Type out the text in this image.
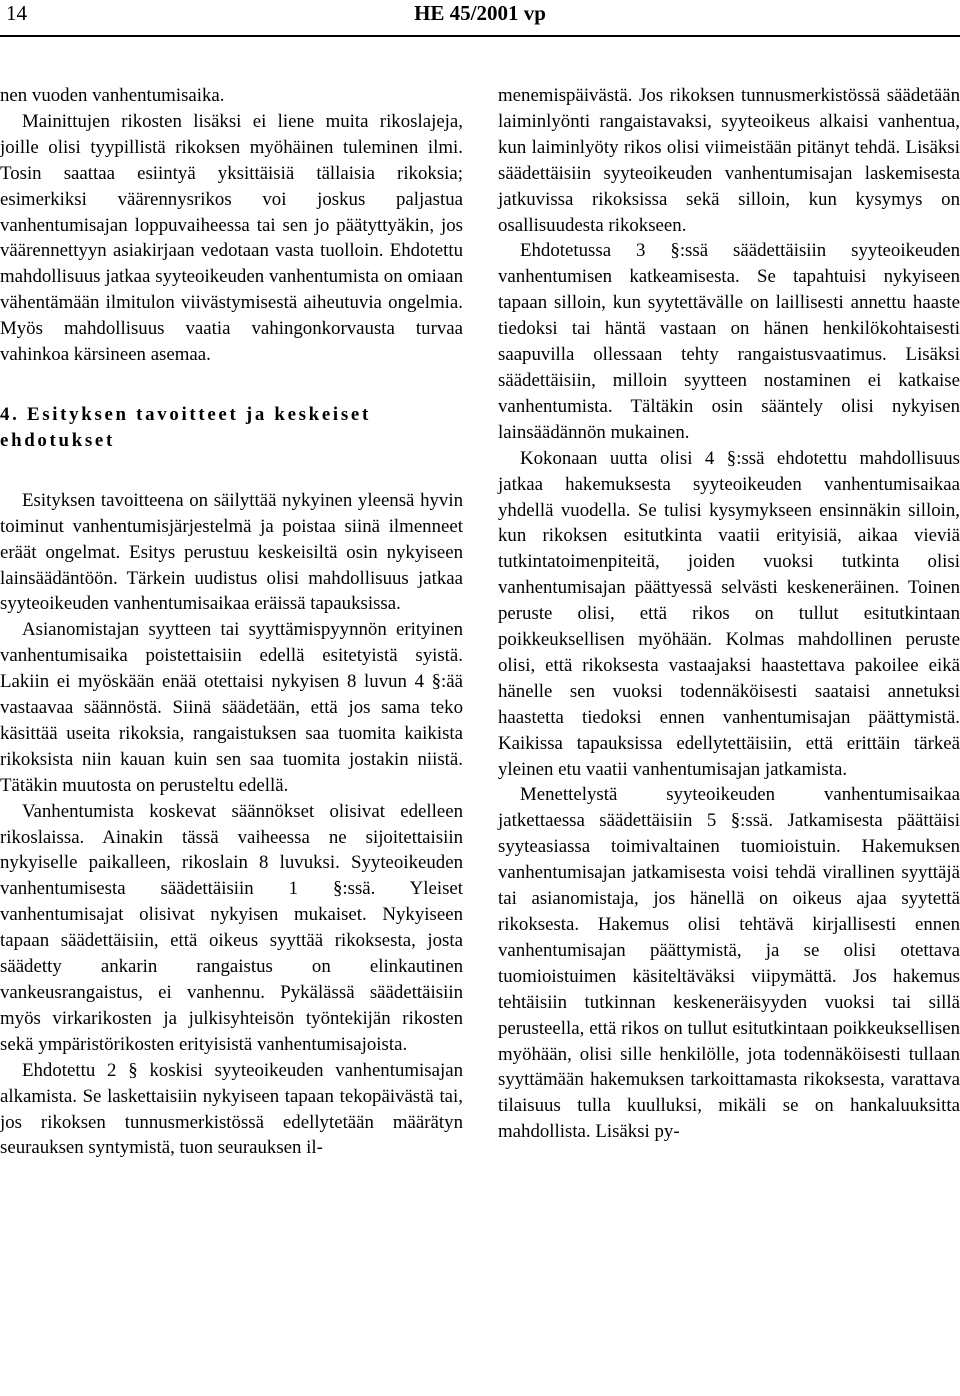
14	HE 45/2001 vp

nen vuoden vanhentumisaika.

Mainittujen rikosten lisäksi ei liene muita rikoslajeja, joille olisi tyypillistä rikoksen myöhäinen tuleminen ilmi. Tosin saattaa esiintyä yksittäisiä tällaisia rikoksia; esimerkiksi väärennysrikos voi joskus paljastua vanhentumisajan loppuvaiheessa tai sen jo päätyttyäkin, jos väärennettyyn asiakirjaan vedotaan vasta tuolloin. Ehdotettu mahdollisuus jatkaa syyteoikeuden vanhentumista on omiaan vähentämään ilmitulon viivästymisestä aiheutuvia ongelmia. Myös mahdollisuus vaatia vahingonkorvausta turvaa vahinkoa kärsineen asemaa.

4. Esityksen tavoitteet ja keskeiset ehdotukset

Esityksen tavoitteena on säilyttää nykyinen yleensä hyvin toiminut vanhentumisjärjestelmä ja poistaa siinä ilmenneet eräät ongelmat. Esitys perustuu keskeisiltä osin nykyiseen lainsäädäntöön. Tärkein uudistus olisi mahdollisuus jatkaa syyteoikeuden vanhentumisaikaa eräissä tapauksissa.

Asianomistajan syytteen tai syyttämispyynnön erityinen vanhentumisaika poistettaisiin edellä esitetyistä syistä. Lakiin ei myöskään enää otettaisi nykyisen 8 luvun 4 §:ää vastaavaa säännöstä. Siinä säädetään, että jos sama teko käsittää useita rikoksia, rangaistuksen saa tuomita kaikista rikoksista niin kauan kuin sen saa tuomita jostakin niistä. Tätäkin muutosta on perusteltu edellä.

Vanhentumista koskevat säännökset olisivat edelleen rikoslaissa. Ainakin tässä vaiheessa ne sijoitettaisiin nykyiselle paikalleen, rikoslain 8 luvuksi. Syyteoikeuden vanhentumisesta säädettäisiin 1 §:ssä. Yleiset vanhentumisajat olisivat nykyisen mukaiset. Nykyiseen tapaan säädettäisiin, että oikeus syyttää rikoksesta, josta säädetty ankarin rangaistus on elinkautinen vankeusrangaistus, ei vanhennu. Pykälässä säädettäisiin myös virkarikosten ja julkisyhteisön työntekijän rikosten sekä ympäristörikosten erityisistä vanhentumisajoista.

Ehdotettu 2 § koskisi syyteoikeuden vanhentumisajan alkamista. Se laskettaisiin nykyiseen tapaan tekopäivästä tai, jos rikoksen tunnusmerkistössä edellytetään määrätyn seurauksen syntymistä, tuon seurauksen il-

menemispäivästä. Jos rikoksen tunnusmerkistössä säädetään laiminlyönti rangaistavaksi, syyteoikeus alkaisi vanhentua, kun laiminlyöty rikos olisi viimeistään pitänyt tehdä. Lisäksi säädettäisiin syyteoikeuden vanhentumisajan laskemisesta jatkuvissa rikoksissa sekä silloin, kun kysymys on osallisuudesta rikokseen.

Ehdotetussa 3 §:ssä säädettäisiin syyteoikeuden vanhentumisen katkeamisesta. Se tapahtuisi nykyiseen tapaan silloin, kun syytettävälle on laillisesti annettu haaste tiedoksi tai häntä vastaan on hänen henkilökohtaisesti saapuvilla ollessaan tehty rangaistusvaatimus. Lisäksi säädettäisiin, milloin syytteen nostaminen ei katkaise vanhentumista. Tältäkin osin sääntely olisi nykyisen lainsäädännön mukainen.

Kokonaan uutta olisi 4 §:ssä ehdotettu mahdollisuus jatkaa hakemuksesta syyteoikeuden vanhentumisaikaa yhdellä vuodella. Se tulisi kysymykseen ensinnäkin silloin, kun rikoksen esitutkinta vaatii erityisiä, aikaa vieviä tutkintatoimenpiteitä, joiden vuoksi tutkinta olisi vanhentumisajan päättyessä selvästi keskeneräinen. Toinen peruste olisi, että rikos on tullut esitutkintaan poikkeuksellisen myöhään. Kolmas mahdollinen peruste olisi, että rikoksesta vastaajaksi haastettava pakoilee eikä hänelle sen vuoksi todennäköisesti saataisi annetuksi haastetta tiedoksi ennen vanhentumisajan päättymistä. Kaikissa tapauksissa edellytettäisiin, että erittäin tärkeä yleinen etu vaatii vanhentumisajan jatkamista.

Menettelystä syyteoikeuden vanhentumisaikaa jatkettaessa säädettäisiin 5 §:ssä. Jatkamisesta päättäisi syyteasiassa toimivaltainen tuomioistuin. Hakemuksen vanhentumisajan jatkamisesta voisi tehdä virallinen syyttäjä tai asianomistaja, jos hänellä on oikeus ajaa syytettä rikoksesta. Hakemus olisi tehtävä kirjallisesti ennen vanhentumisajan päättymistä, ja se olisi otettava tuomioistuimen käsiteltäväksi viipymättä. Jos hakemus tehtäisiin tutkinnan keskeneräisyyden vuoksi tai sillä perusteella, että rikos on tullut esitutkintaan poikkeuksellisen myöhään, olisi sille henkilölle, jota todennäköisesti tullaan syyttämään hakemuksen tarkoittamasta rikoksesta, varattava tilaisuus tulla kuulluksi, mikäli se on hankaluuksitta mahdollista. Lisäksi py-
